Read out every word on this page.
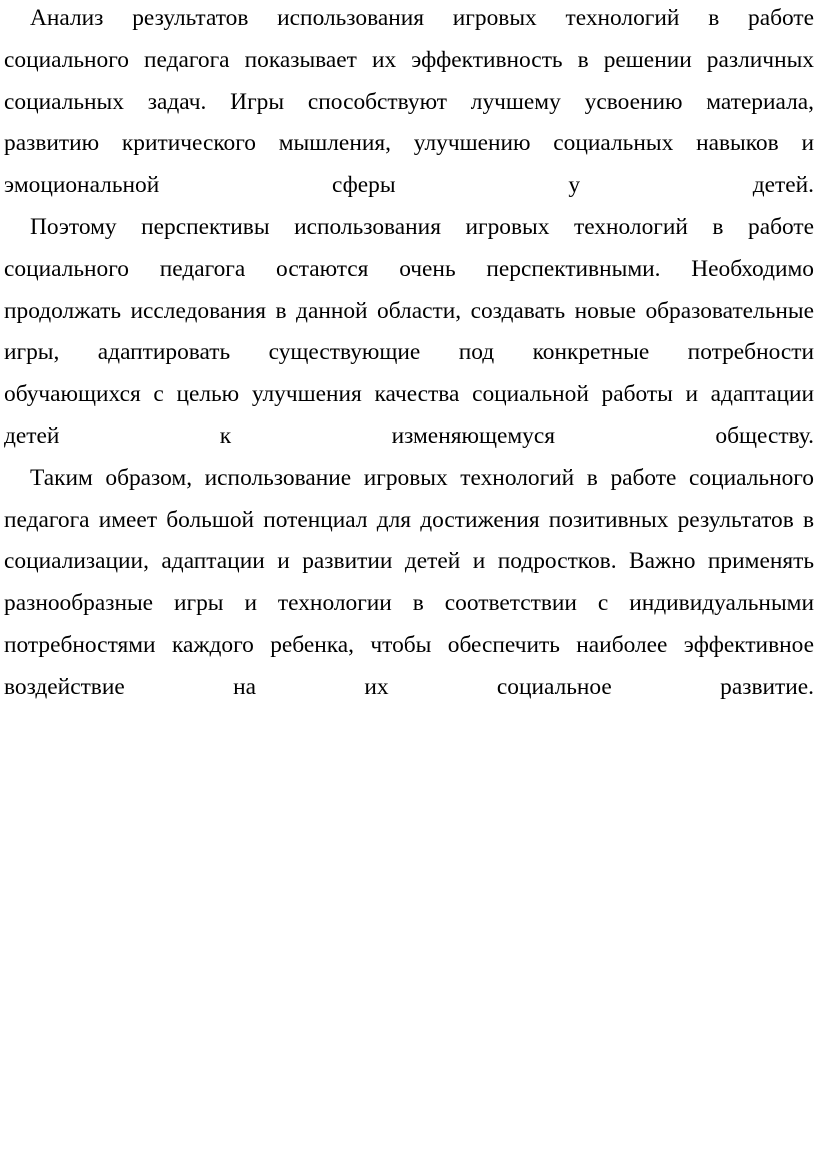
Анализ результатов использования игровых технологий в работе
социального педагога показывает их эффективность в решении различных
социальных задач. Игры способствуют лучшему усвоению материала,
развитию критического мышления, улучшению социальных навыков и
эмоциональной сферы у детей.
Поэтому перспективы использования игровых технологий в работе
социального педагога остаются очень перспективными. Необходимо
продолжать исследования в данной области, создавать новые образовательные
игры, адаптировать существующие под конкретные потребности
обучающихся с целью улучшения качества социальной работы и адаптации
детей к изменяющемуся обществу.
Таким образом, использование игровых технологий в работе социального
педагога имеет большой потенциал для достижения позитивных результатов в
социализации, адаптации и развитии детей и подростков. Важно применять
разнообразные игры и технологии в соответствии с индивидуальными
потребностями каждого ребенка, чтобы обеспечить наиболее эффективное
воздействие на их социальное развитие.
